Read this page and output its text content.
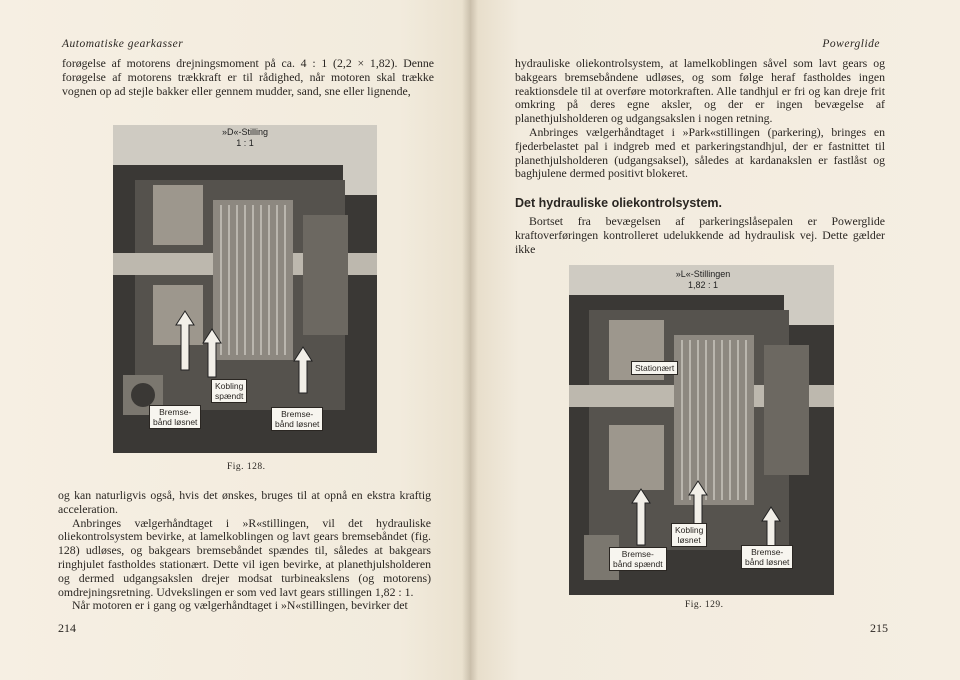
Automatiske gearkasser

forøgelse af motorens drejningsmoment på ca. 4 : 1 (2,2 × 1,82). Denne forøgelse af motorens trækkraft er til rådighed, når motoren skal trække vognen op ad stejle bakker eller gennem mudder, sand, sne eller lignende,

»D«-Stilling
1 : 1
Kobling
spændt
Bremse-
bånd løsnet
Bremse-
bånd løsnet
Fig. 128.

og kan naturligvis også, hvis det ønskes, bruges til at opnå en ekstra kraftig acceleration.

Anbringes vælgerhåndtaget i »R«stillingen, vil det hydrauliske oliekontrolsystem bevirke, at lamelkoblingen og lavt gears bremsebåndet (fig. 128) udløses, og bakgears bremsebåndet spændes til, således at bakgears ringhjulet fastholdes stationært. Dette vil igen bevirke, at planethjulsholderen og dermed udgangsakslen drejer modsat turbineakslens (og motorens) omdrejningsretning. Udvekslingen er som ved lavt gears stillingen 1,82 : 1.

Når motoren er i gang og vælgerhåndtaget i »N«stillingen, bevirker det

214
Powerglide

hydrauliske oliekontrolsystem, at lamelkoblingen såvel som lavt gears og bakgears bremsebåndene udløses, og som følge heraf fastholdes ingen reaktionsdele til at overføre motorkraften. Alle tandhjul er fri og kan dreje frit omkring på deres egne aksler, og der er ingen bevægelse af planethjulsholderen og udgangsakslen i nogen retning.

Anbringes vælgerhåndtaget i »Park«stillingen (parkering), bringes en fjederbelastet pal i indgreb med et parkeringstandhjul, der er fastnittet til planethjulsholderen (udgangsaksel), således at kardanakslen er fastlåst og baghjulene dermed positivt blokeret.

Det hydrauliske oliekontrolsystem.

Bortset fra bevægelsen af parkeringslåsepalen er Powerglide kraftoverføringen kontrolleret udelukkende ad hydraulisk vej. Dette gælder ikke

»L«-Stillingen
1,82 : 1
Stationært
Kobling
løsnet
Bremse-
bånd spændt
Bremse-
bånd løsnet
Fig. 129.
215
